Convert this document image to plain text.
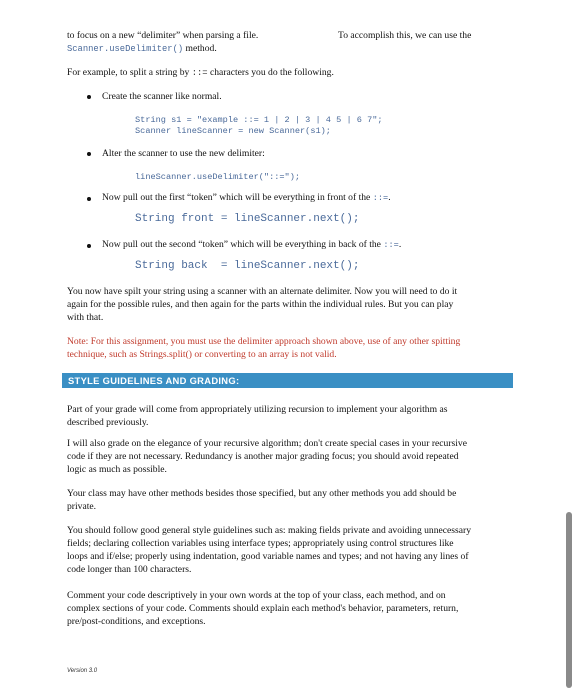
to focus on a new “delimiter” when parsing a file.	To accomplish this, we can use the
Scanner.useDelimiter() method.
For example, to split a string by ::= characters you do the following.
Create the scanner like normal.
String s1 = "example ::= 1 | 2 | 3 | 4 5 | 6 7";
Scanner lineScanner = new Scanner(s1);
Alter the scanner to use the new delimiter:
lineScanner.useDelimiter("::=");
Now pull out the first “token” which will be everything in front of the ::=.
String front = lineScanner.next();
Now pull out the second “token” which will be everything in back of the ::=.
String back  = lineScanner.next();
You now have spilt your string using a scanner with an alternate delimiter. Now you will need to do it
again for the possible rules, and then again for the parts within the individual rules. But you can play
with that.
Note: For this assignment, you must use the delimiter approach shown above, use of any other spitting
technique, such as Strings.split() or converting to an array is not valid.
STYLE GUIDELINES AND GRADING:
Part of your grade will come from appropriately utilizing recursion to implement your algorithm as
described previously.
I will also grade on the elegance of your recursive algorithm; don't create special cases in your recursive
code if they are not necessary. Redundancy is another major grading focus; you should avoid repeated
logic as much as possible.
Your class may have other methods besides those specified, but any other methods you add should be
private.
You should follow good general style guidelines such as: making fields private and avoiding unnecessary
fields; declaring collection variables using interface types; appropriately using control structures like
loops and if/else; properly using indentation, good variable names and types; and not having any lines of
code longer than 100 characters.
Comment your code descriptively in your own words at the top of your class, each method, and on
complex sections of your code. Comments should explain each method's behavior, parameters, return,
pre/post-conditions, and exceptions.
Version 3.0
